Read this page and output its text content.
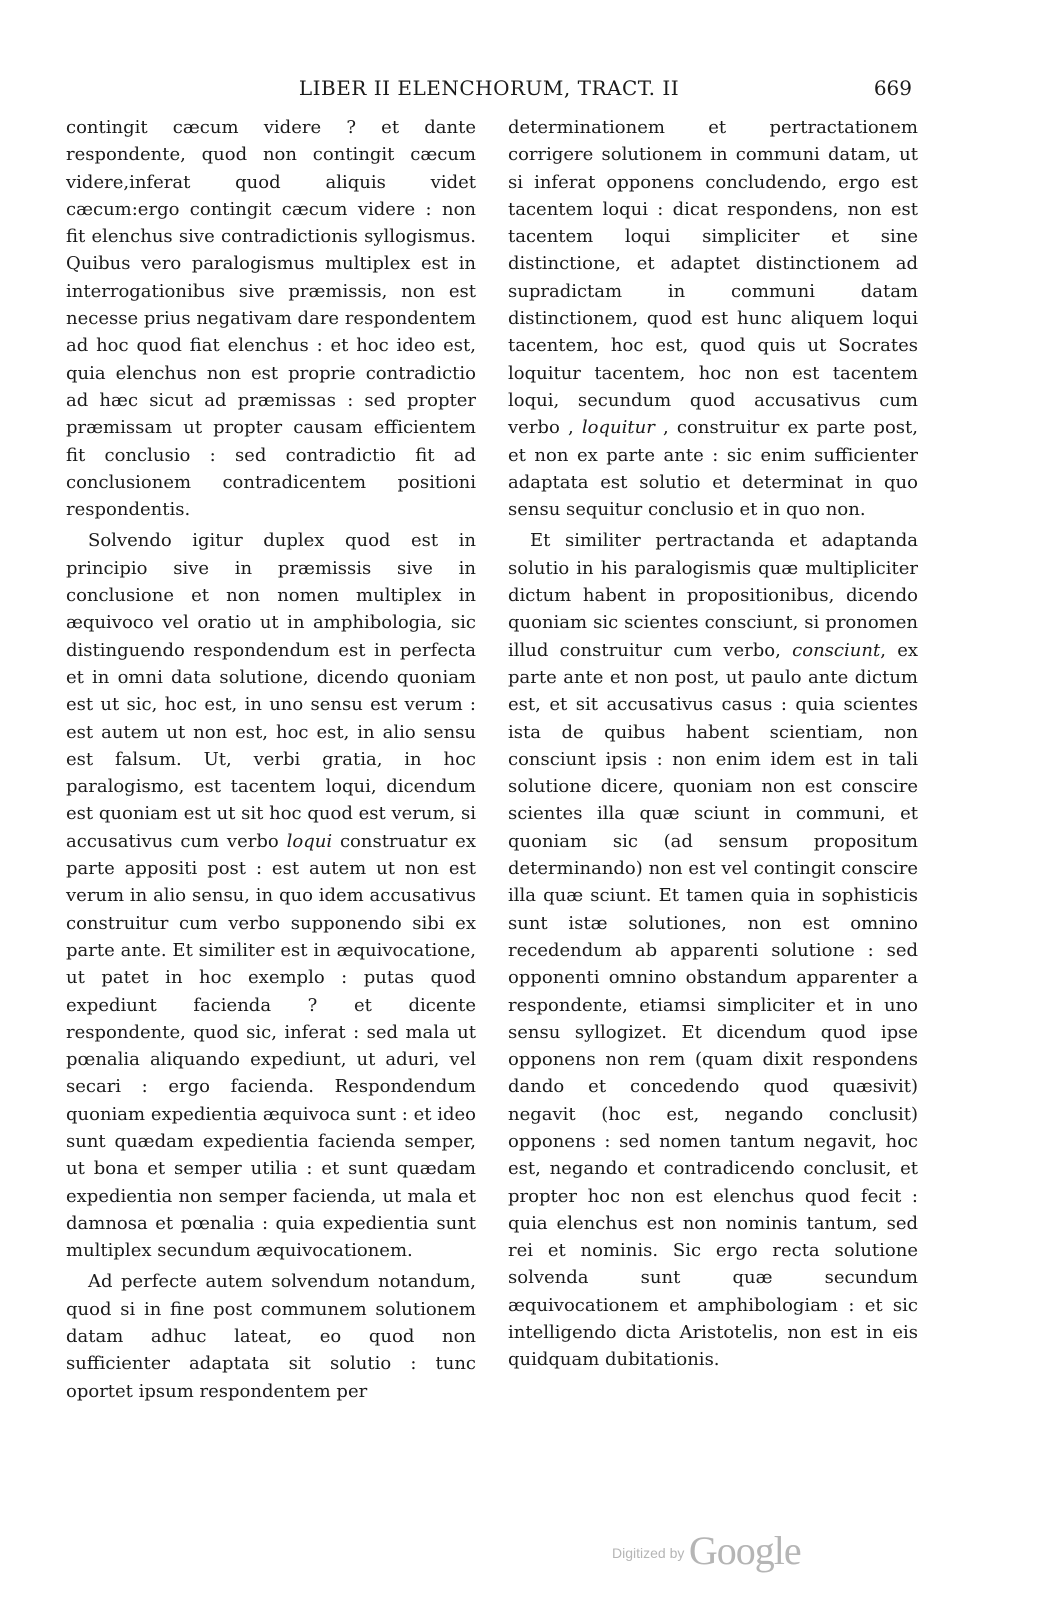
LIBER II ELENCHORUM, TRACT. II	669

contingit cæcum videre ? et dante respondente, quod non contingit cæcum videre,inferat quod aliquis videt cæcum:ergo contingit cæcum videre : non fit elenchus sive contradictionis syllogismus. Quibus vero paralogismus multiplex est in interrogationibus sive præmissis, non est necesse prius negativam dare respondentem ad hoc quod fiat elenchus : et hoc ideo est, quia elenchus non est proprie contradictio ad hæc sicut ad præmissas : sed propter præmissam ut propter causam efficientem fit conclusio : sed contradictio fit ad conclusionem contradicentem positioni respondentis.

Solvendo igitur duplex quod est in principio sive in præmissis sive in conclusione et non nomen multiplex in æquivoco vel oratio ut in amphibologia, sic distinguendo respondendum est in perfecta et in omni data solutione, dicendo quoniam est ut sic, hoc est, in uno sensu est verum : est autem ut non est, hoc est, in alio sensu est falsum. Ut, verbi gratia, in hoc paralogismo, est tacentem loqui, dicendum est quoniam est ut sit hoc quod est verum, si accusativus cum verbo loqui construatur ex parte appositi post : est autem ut non est verum in alio sensu, in quo idem accusativus construitur cum verbo supponendo sibi ex parte ante. Et similiter est in æquivocatione, ut patet in hoc exemplo : putas quod expediunt facienda ? et dicente respondente, quod sic, inferat : sed mala ut pœnalia aliquando expediunt, ut aduri, vel secari : ergo facienda. Respondendum quoniam expedientia æquivoca sunt : et ideo sunt quædam expedientia facienda semper, ut bona et semper utilia : et sunt quædam expedientia non semper facienda, ut mala et damnosa et pœnalia : quia expedientia sunt multiplex secundum æquivocationem.

Ad perfecte autem solvendum notandum, quod si in fine post communem solutionem datam adhuc lateat, eo quod non sufficienter adaptata sit solutio : tunc oportet ipsum respondentem per

determinationem et pertractationem corrigere solutionem in communi datam, ut si inferat opponens concludendo, ergo est tacentem loqui : dicat respondens, non est tacentem loqui simpliciter et sine distinctione, et adaptet distinctionem ad supradictam in communi datam distinctionem, quod est hunc aliquem loqui tacentem, hoc est, quod quis ut Socrates loquitur tacentem, hoc non est tacentem loqui, secundum quod accusativus cum verbo , loquitur , construitur ex parte post, et non ex parte ante : sic enim sufficienter adaptata est solutio et determinat in quo sensu sequitur conclusio et in quo non.

Et similiter pertractanda et adaptanda solutio in his paralogismis quæ multipliciter dictum habent in propositionibus, dicendo quoniam sic scientes consciunt, si pronomen illud construitur cum verbo, consciunt, ex parte ante et non post, ut paulo ante dictum est, et sit accusativus casus : quia scientes ista de quibus habent scientiam, non consciunt ipsis : non enim idem est in tali solutione dicere, quoniam non est conscire scientes illa quæ sciunt in communi, et quoniam sic (ad sensum propositum determinando) non est vel contingit conscire illa quæ sciunt. Et tamen quia in sophisticis sunt istæ solutiones, non est omnino recedendum ab apparenti solutione : sed opponenti omnino obstandum apparenter a respondente, etiamsi simpliciter et in uno sensu syllogizet. Et dicendum quod ipse opponens non rem (quam dixit respondens dando et concedendo quod quæsivit) negavit (hoc est, negando conclusit) opponens : sed nomen tantum negavit, hoc est, negando et contradicendo conclusit, et propter hoc non est elenchus quod fecit : quia elenchus est non nominis tantum, sed rei et nominis. Sic ergo recta solutione solvenda sunt quæ secundum æquivocationem et amphibologiam : et sic intelligendo dicta Aristotelis, non est in eis quidquam dubitationis.

Digitized by Google
